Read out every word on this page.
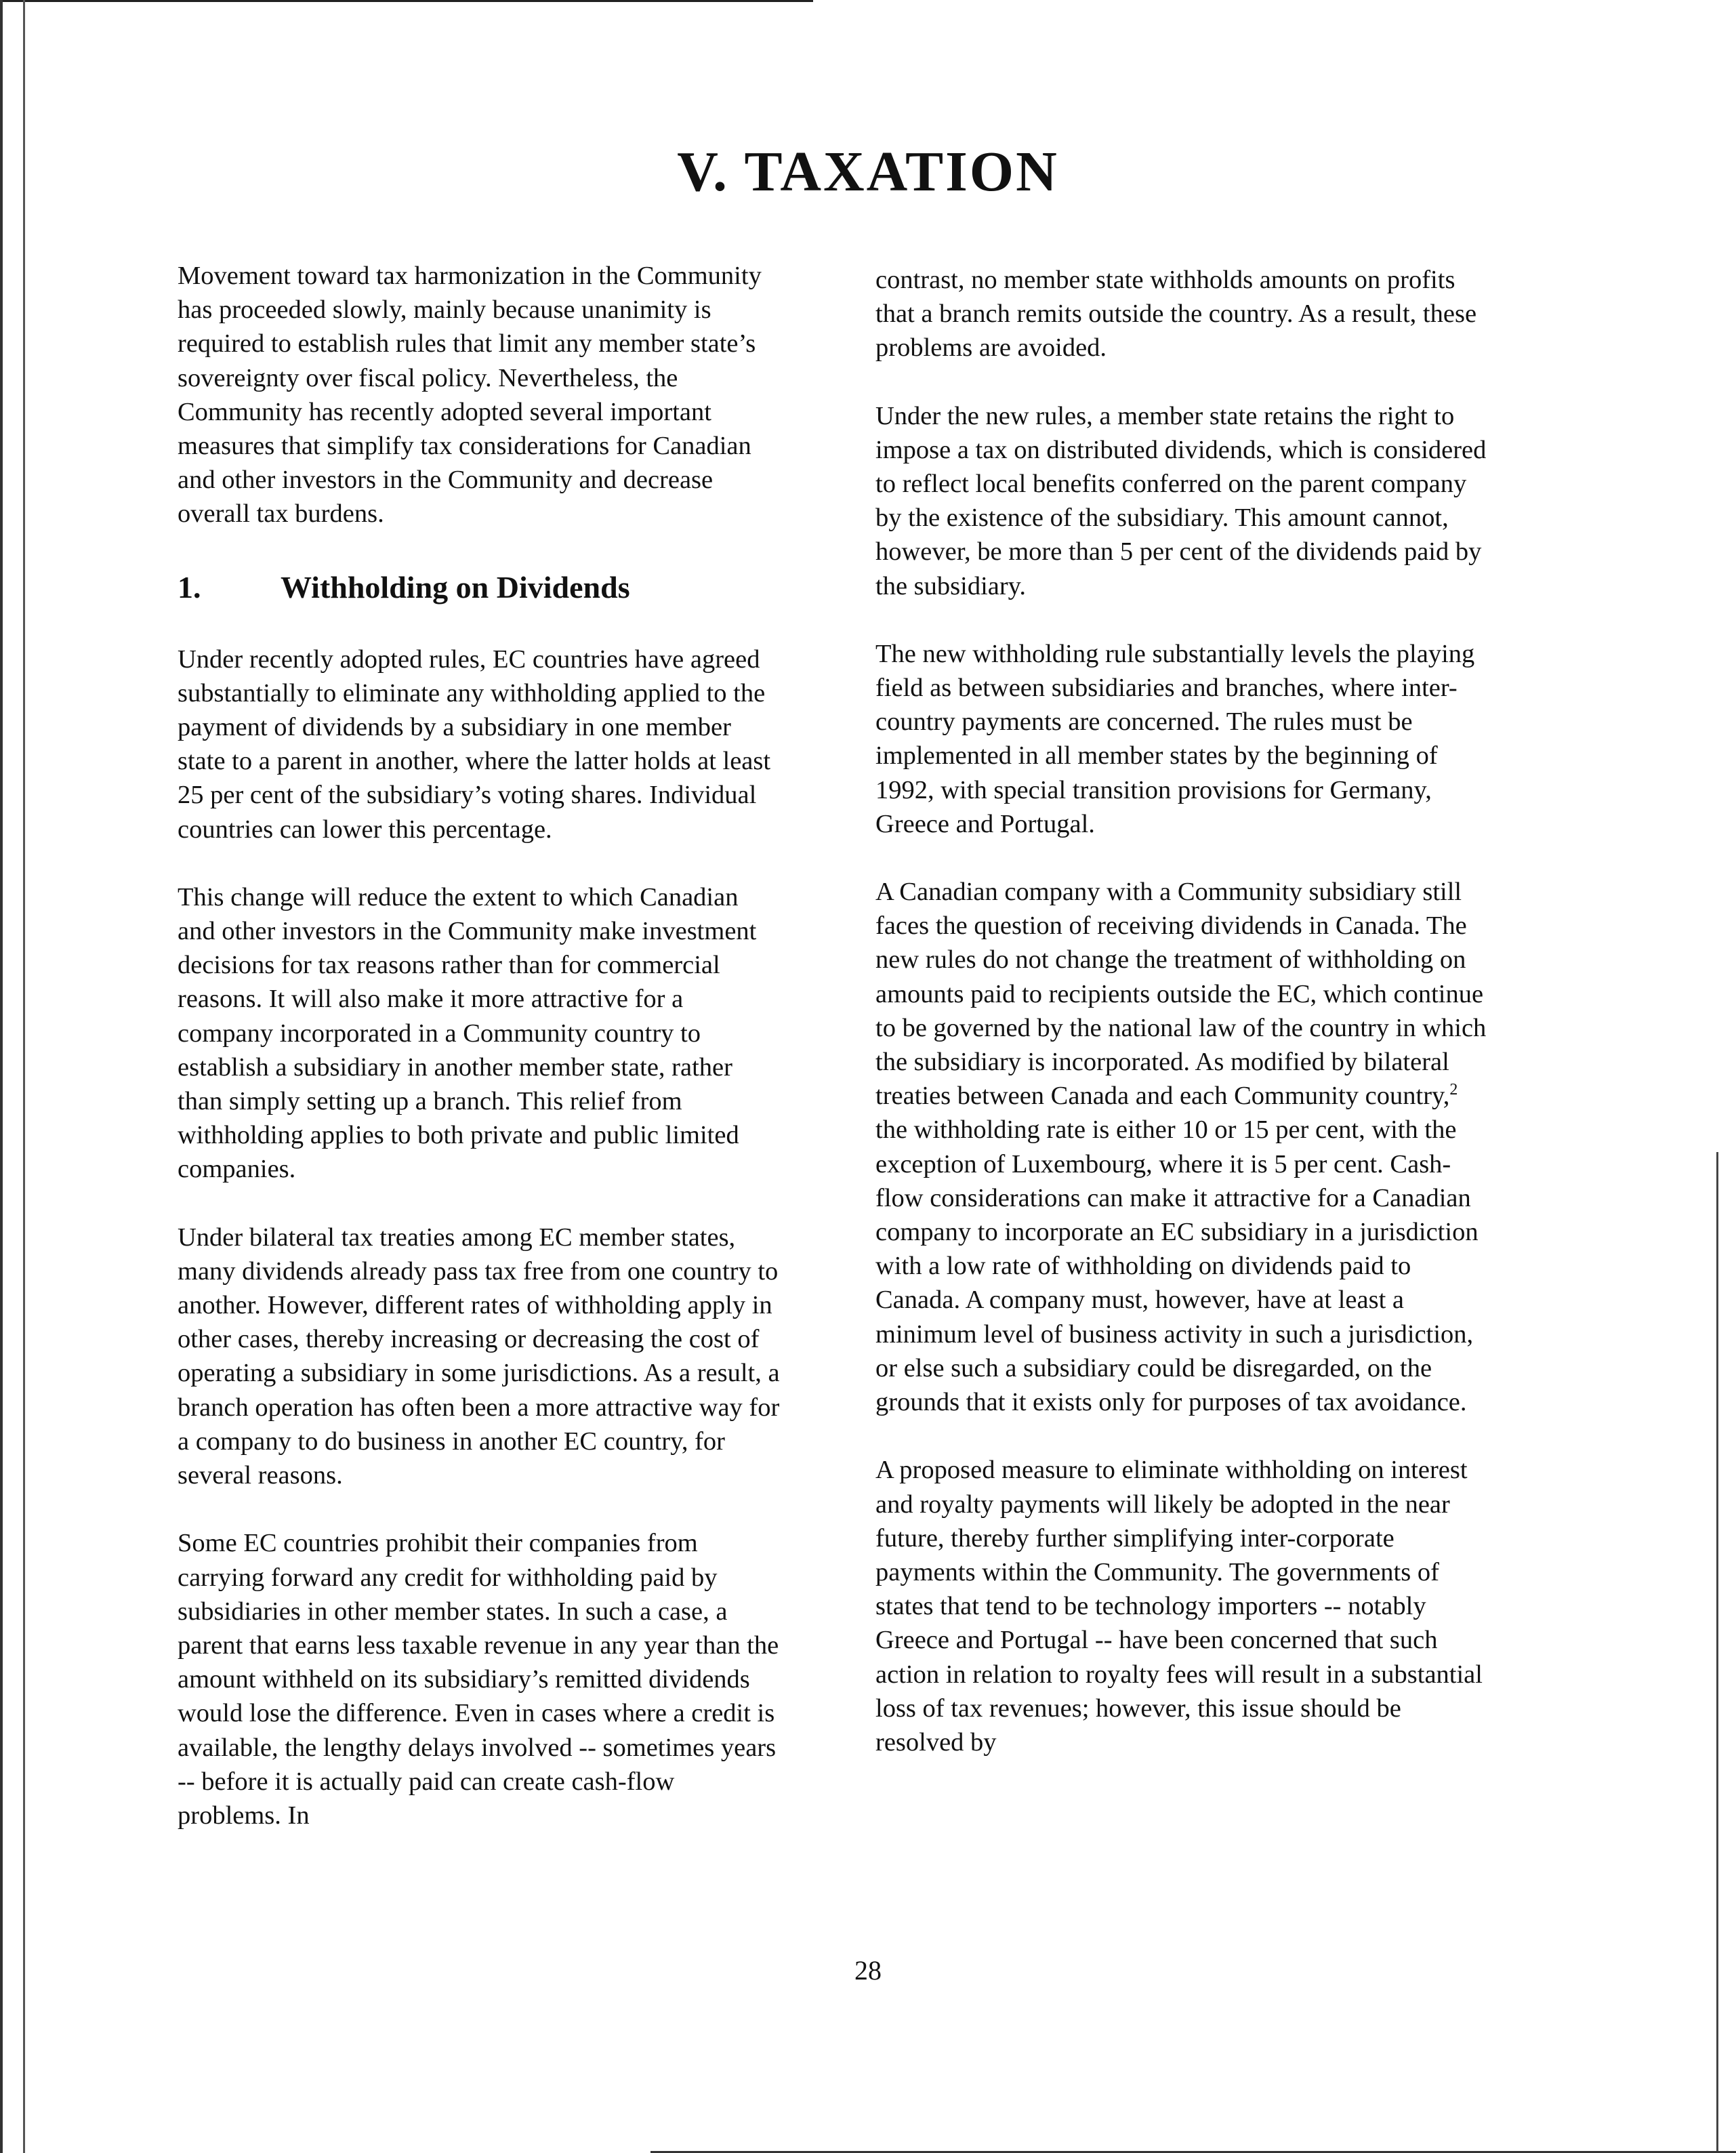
V. TAXATION

Movement toward tax harmonization in the Community has proceeded slowly, mainly because unanimity is required to establish rules that limit any member state’s sovereignty over fiscal policy. Nevertheless, the Community has recently adopted several important measures that simplify tax considerations for Canadian and other investors in the Community and decrease overall tax burdens.

1.	Withholding on Dividends

Under recently adopted rules, EC countries have agreed substantially to eliminate any withholding applied to the payment of dividends by a subsidiary in one member state to a parent in another, where the latter holds at least 25 per cent of the subsidiary’s voting shares. Individual countries can lower this percentage.

This change will reduce the extent to which Canadian and other investors in the Community make investment decisions for tax reasons rather than for commercial reasons. It will also make it more attractive for a company incorporated in a Community country to establish a subsidiary in another member state, rather than simply setting up a branch. This relief from withholding applies to both private and public limited companies.

Under bilateral tax treaties among EC member states, many dividends already pass tax free from one country to another. However, different rates of withholding apply in other cases, thereby increasing or decreasing the cost of operating a subsidiary in some jurisdictions. As a result, a branch operation has often been a more attractive way for a company to do business in another EC country, for several reasons.

Some EC countries prohibit their companies from carrying forward any credit for withholding paid by subsidiaries in other member states. In such a case, a parent that earns less taxable revenue in any year than the amount withheld on its subsidiary’s remitted dividends would lose the difference. Even in cases where a credit is available, the lengthy delays involved -- sometimes years -- before it is actually paid can create cash-flow problems. In

contrast, no member state withholds amounts on profits that a branch remits outside the country. As a result, these problems are avoided.

Under the new rules, a member state retains the right to impose a tax on distributed dividends, which is considered to reflect local benefits conferred on the parent company by the existence of the subsidiary. This amount cannot, however, be more than 5 per cent of the dividends paid by the subsidiary.

The new withholding rule substantially levels the playing field as between subsidiaries and branches, where inter-country payments are concerned. The rules must be implemented in all member states by the beginning of 1992, with special transition provisions for Germany, Greece and Portugal.

A Canadian company with a Community subsidiary still faces the question of receiving dividends in Canada. The new rules do not change the treatment of withholding on amounts paid to recipients outside the EC, which continue to be governed by the national law of the country in which the subsidiary is incorporated. As modified by bilateral treaties between Canada and each Community country,$^2$ the withholding rate is either 10 or 15 per cent, with the exception of Luxembourg, where it is 5 per cent. Cash-flow considerations can make it attractive for a Canadian company to incorporate an EC subsidiary in a jurisdiction with a low rate of withholding on dividends paid to Canada. A company must, however, have at least a minimum level of business activity in such a jurisdiction, or else such a subsidiary could be disregarded, on the grounds that it exists only for purposes of tax avoidance.

A proposed measure to eliminate withholding on interest and royalty payments will likely be adopted in the near future, thereby further simplifying inter-corporate payments within the Community. The governments of states that tend to be technology importers -- notably Greece and Portugal -- have been concerned that such action in relation to royalty fees will result in a substantial loss of tax revenues; however, this issue should be resolved by

28
